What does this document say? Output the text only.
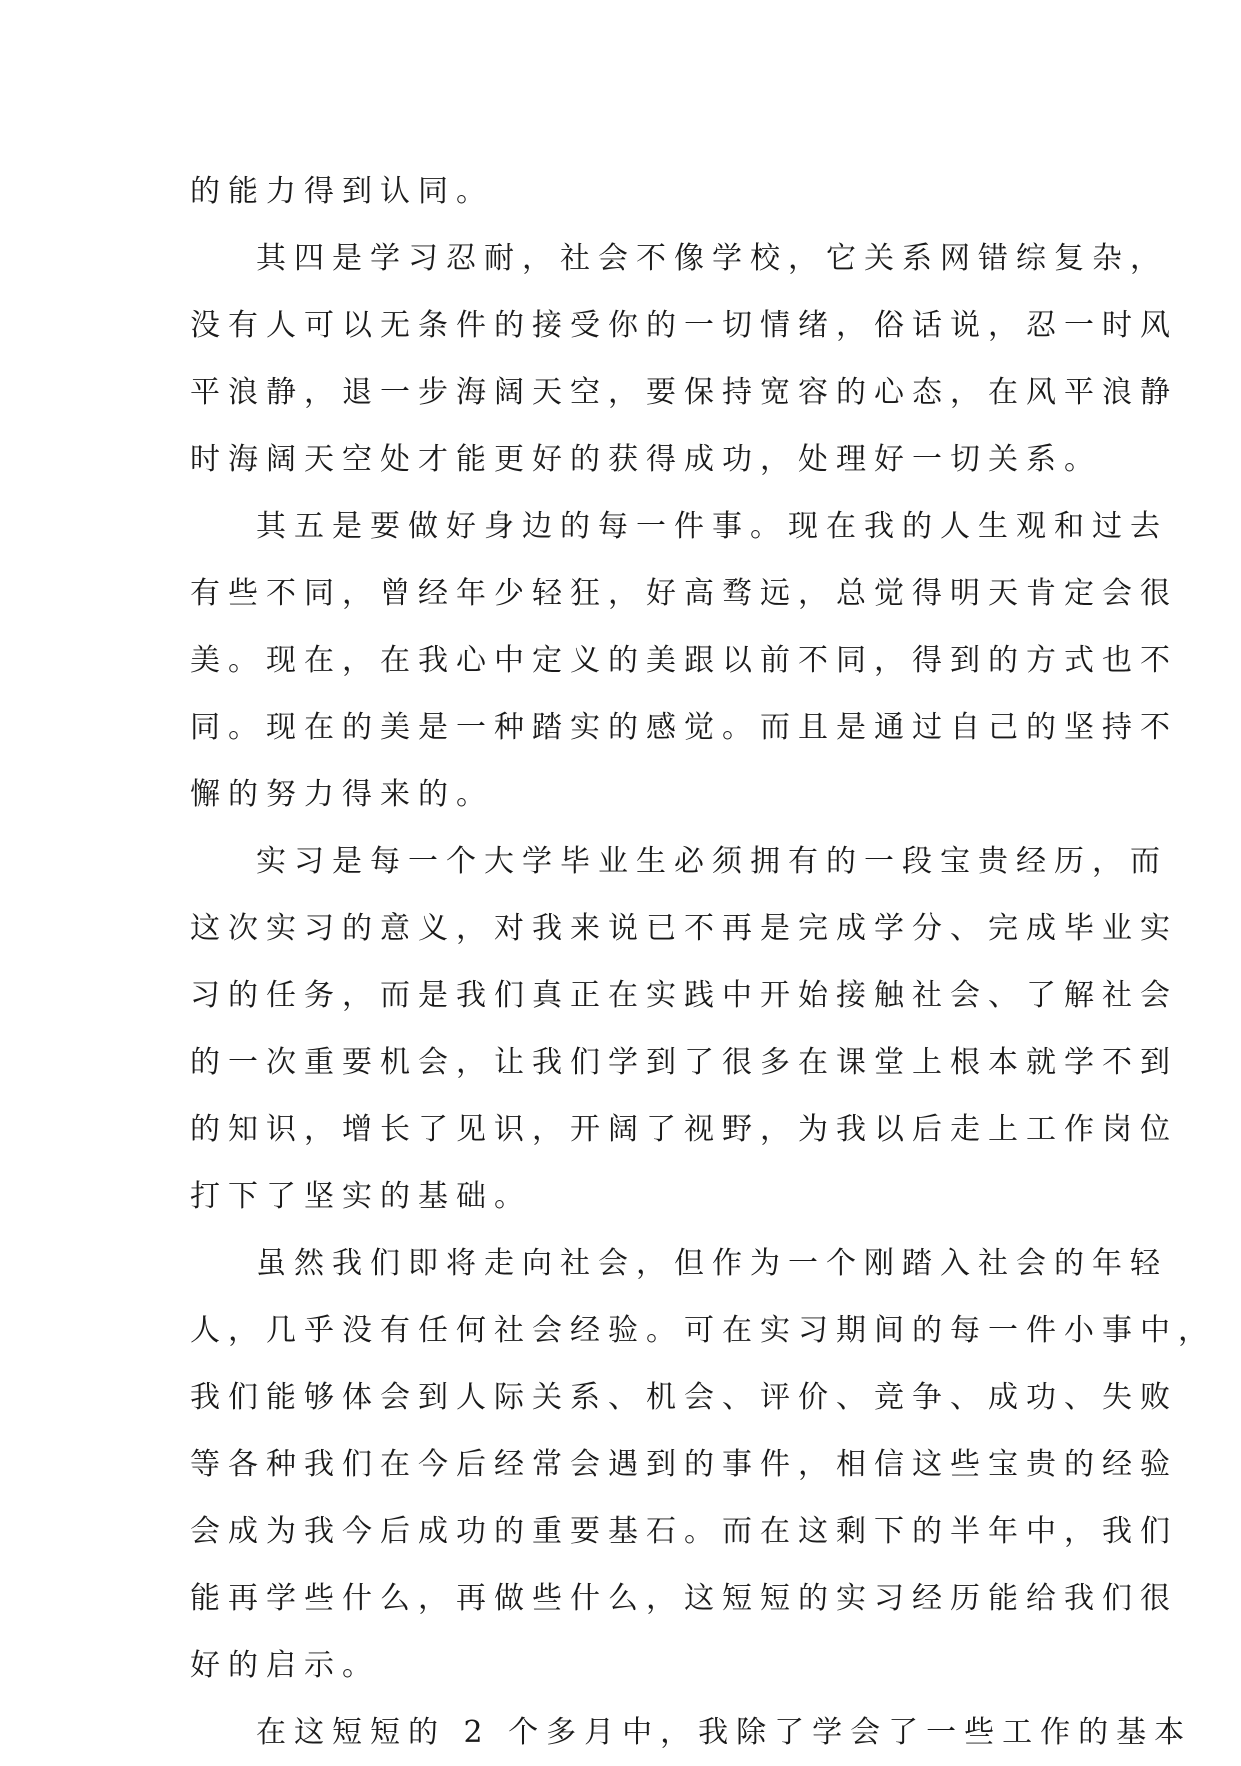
的能力得到认同。
其四是学习忍耐，社会不像学校，它关系网错综复杂，
没有人可以无条件的接受你的一切情绪，俗话说，忍一时风
平浪静，退一步海阔天空，要保持宽容的心态，在风平浪静
时海阔天空处才能更好的获得成功，处理好一切关系。
其五是要做好身边的每一件事。现在我的人生观和过去
有些不同，曾经年少轻狂，好高骛远，总觉得明天肯定会很
美。现在，在我心中定义的美跟以前不同，得到的方式也不
同。现在的美是一种踏实的感觉。而且是通过自己的坚持不
懈的努力得来的。
实习是每一个大学毕业生必须拥有的一段宝贵经历，而
这次实习的意义，对我来说已不再是完成学分、完成毕业实
习的任务，而是我们真正在实践中开始接触社会、了解社会
的一次重要机会，让我们学到了很多在课堂上根本就学不到
的知识，增长了见识，开阔了视野，为我以后走上工作岗位
打下了坚实的基础。
虽然我们即将走向社会，但作为一个刚踏入社会的年轻
人，几乎没有任何社会经验。可在实习期间的每一件小事中，
我们能够体会到人际关系、机会、评价、竞争、成功、失败
等各种我们在今后经常会遇到的事件，相信这些宝贵的经验
会成为我今后成功的重要基石。而在这剩下的半年中，我们
能再学些什么，再做些什么，这短短的实习经历能给我们很
好的启示。
在这短短的 2 个多月中，我除了学会了一些工作的基本
